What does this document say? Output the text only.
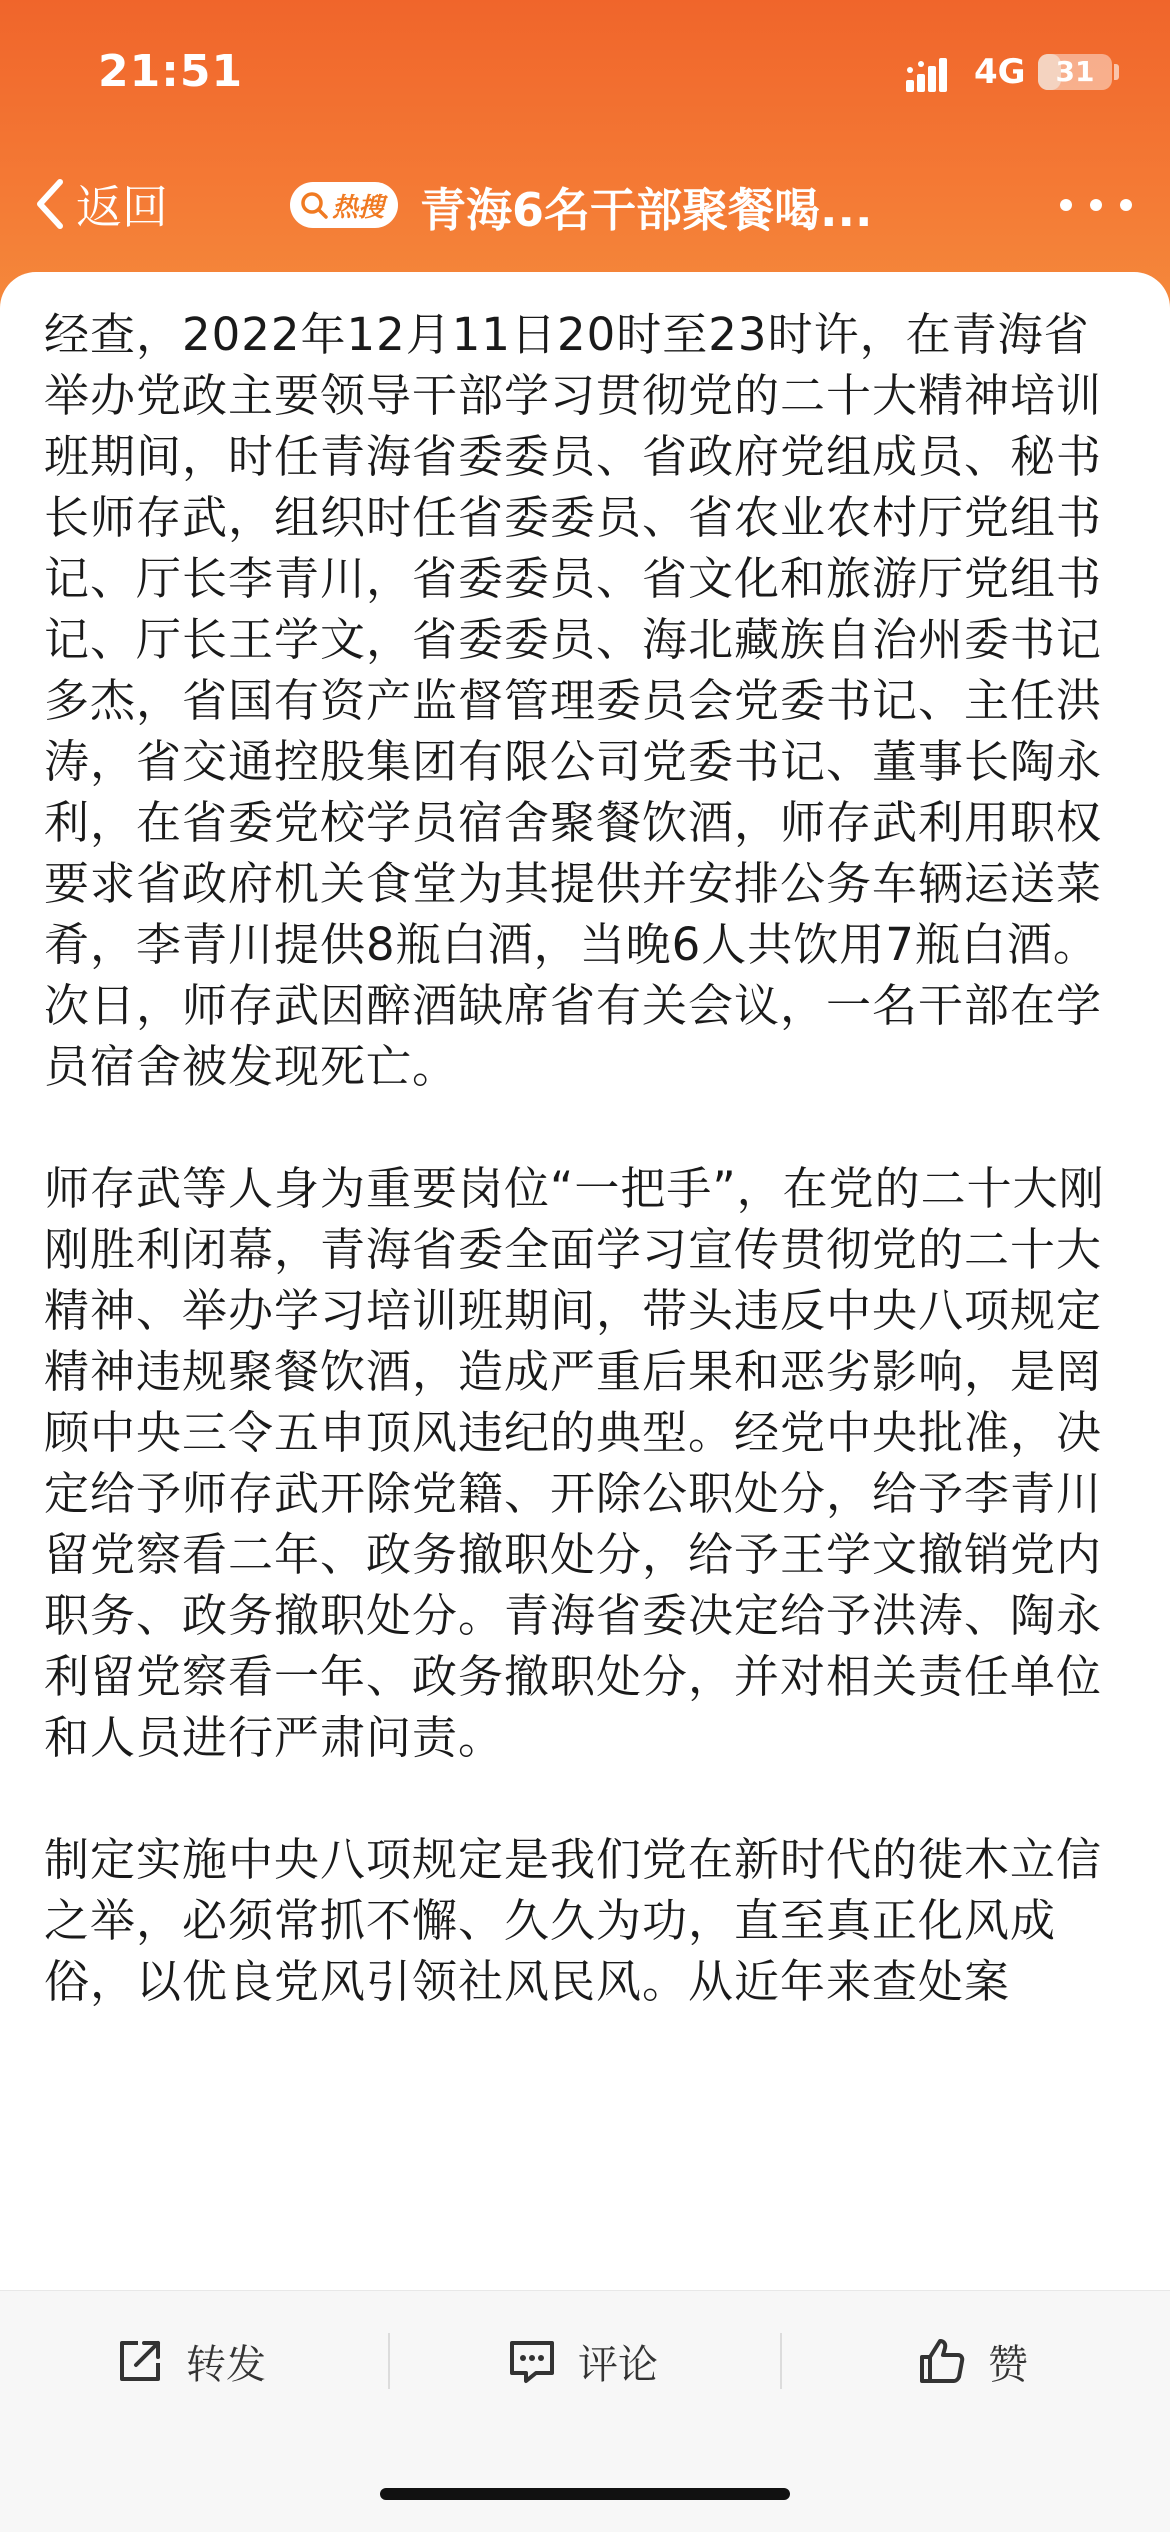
21:51	4G	31
返回	热搜 青海6名干部聚餐喝...
经查，2022年12月11日20时至23时许，在青海省举办党政主要领导干部学习贯彻党的二十大精神培训班期间，时任青海省委委员、省政府党组成员、秘书长师存武，组织时任省委委员、省农业农村厅党组书记、厅长李青川，省委委员、省文化和旅游厅党组书记、厅长王学文，省委委员、海北藏族自治州委书记多杰，省国有资产监督管理委员会党委书记、主任洪涛，省交通控股集团有限公司党委书记、董事长陶永利，在省委党校学员宿舍聚餐饮酒，师存武利用职权要求省政府机关食堂为其提供并安排公务车辆运送菜肴，李青川提供8瓶白酒，当晚6人共饮用7瓶白酒。次日，师存武因醉酒缺席省有关会议，一名干部在学员宿舍被发现死亡。
师存武等人身为重要岗位“一把手”，在党的二十大刚刚胜利闭幕，青海省委全面学习宣传贯彻党的二十大精神、举办学习培训班期间，带头违反中央八项规定精神违规聚餐饮酒，造成严重后果和恶劣影响，是罔顾中央三令五申顶风违纪的典型。经党中央批准，决定给予师存武开除党籍、开除公职处分，给予李青川留党察看二年、政务撤职处分，给予王学文撤销党内职务、政务撤职处分。青海省委决定给予洪涛、陶永利留党察看一年、政务撤职处分，并对相关责任单位和人员进行严肃问责。
制定实施中央八项规定是我们党在新时代的徙木立信之举，必须常抓不懈、久久为功，直至真正化风成俗，以优良党风引领社风民风。从近年来查处案
转发	评论	赞
